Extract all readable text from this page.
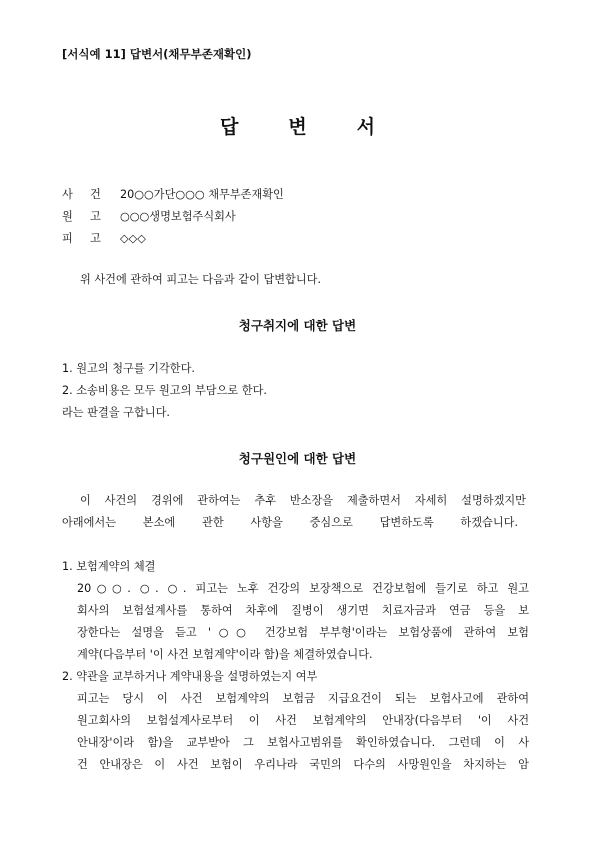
[서식예 11] 답변서(채무부존재확인)
답	변	서
사 건 20○○가단○○○ 채무부존재확인
원 고 ○○○생명보험주식회사
피 고 ◇◇◇
위 사건에 관하여 피고는 다음과 같이 답변합니다.
청구취지에 대한 답변
1. 원고의 청구를 기각한다.
2. 소송비용은 모두 원고의 부담으로 한다.
라는 판결을 구합니다.
청구원인에 대한 답변
이 사건의 경위에 관하여는 추후 반소장을 제출하면서 자세히 설명하겠지만
아래에서는 본소에 관한 사항을 중심으로 답변하도록 하겠습니다.
1. 보험계약의 체결
20○○. ○. ○. 피고는 노후 건강의 보장책으로 건강보험에 들기로 하고 원고
회사의 보험설계사를 통하여 차후에 질병이 생기면 치료자금과 연금 등을 보
장한다는 설명을 듣고 '○○ 건강보험 부부형'이라는 보험상품에 관하여 보험
계약(다음부터 '이 사건 보험계약'이라 함)을 체결하였습니다.
2. 약관을 교부하거나 계약내용을 설명하였는지 여부
피고는 당시 이 사건 보험계약의 보험금 지급요건이 되는 보험사고에 관하여
원고회사의 보험설계사로부터 이 사건 보험계약의 안내장(다음부터 '이 사건
안내장'이라 함)을 교부받아 그 보험사고범위를 확인하였습니다. 그런데 이 사
건 안내장은 이 사건 보험이 우리나라 국민의 다수의 사망원인을 차지하는 암
